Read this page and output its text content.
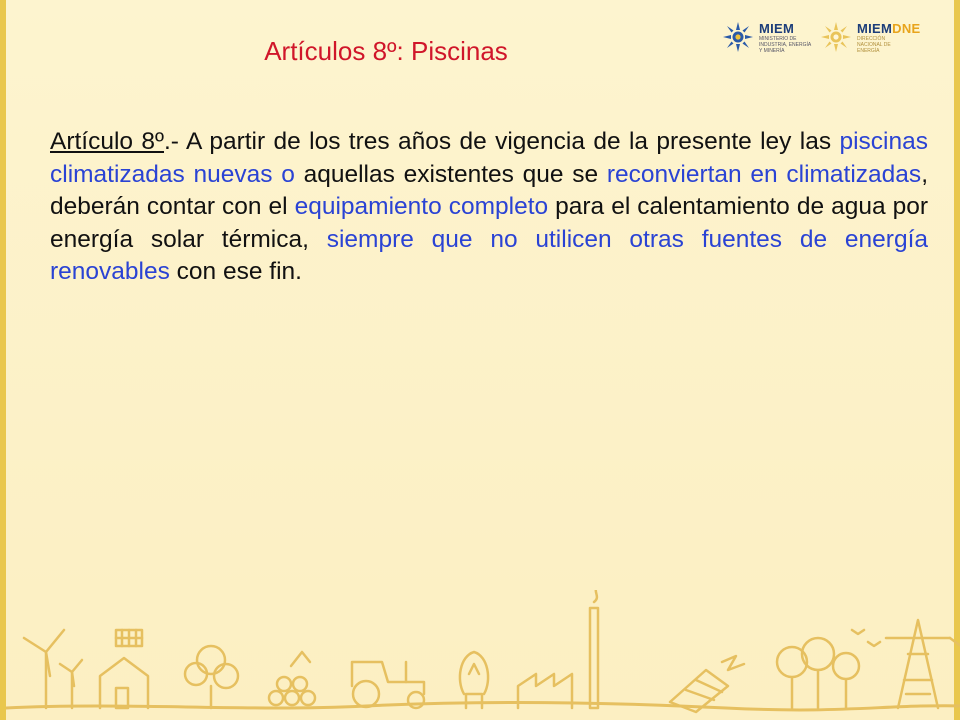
Artículos 8º: Piscinas
MIEM
MINISTERIO DE INDUSTRIA, ENERGÍA Y MINERÍA
MIEMDNE
DIRECCIÓN NACIONAL DE ENERGÍA
Artículo 8º.- A partir de los tres años de vigencia de la presente ley las piscinas climatizadas nuevas o aquellas existentes que se reconviertan en climatizadas, deberán contar con el equipamiento completo para el calentamiento de agua por energía solar térmica, siempre que no utilicen otras fuentes de energía renovables con ese fin.
